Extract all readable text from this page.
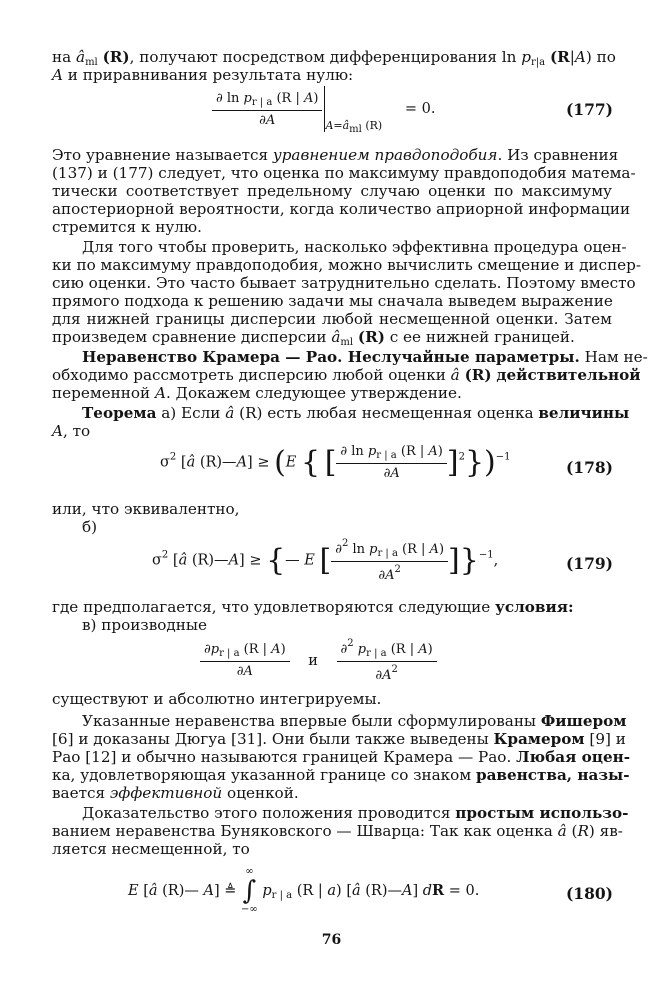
на $â_{ml}$ (R), получают посредством дифференцирования $\ln p_{r|a}$ (R|A) по
A и приравнивания результата нулю:
$\frac{\partial \ln p_{r | a} (R | A)}{\partial A} _{A=âml (R)} = 0$.	(177)
Это уравнение называется уравнением правдоподобия. Из сравнения
(137) и (177) следует, что оценка по максимуму правдоподобия матема-
тически соответствует предельному случаю оценки по максимуму
апостериорной вероятности, когда количество априорной информации
стремится к нулю.
Для того чтобы проверить, насколько эффективна процедура оцен-
ки по максимуму правдоподобия, можно вычислить смещение и диспер-
сию оценки. Это часто бывает затруднительно сделать. Поэтому вместо
прямого подхода к решению задачи мы сначала выведем выражение
для нижней границы дисперсии любой несмещенной оценки. Затем
произведем сравнение дисперсии $â_{ml}$ (R) с ее нижней границей.
Неравенство Крамера — Рао. Неслучайные параметры. Нам не-
обходимо рассмотреть дисперсию любой оценки â (R) действительной
переменной A. Докажем следующее утверждение.
Теорема а) Если â (R) есть любая несмещенная оценка величины
A, то
$\sigma^2$ [â (R)—A] ≥ (E { [ $\frac{\partial \ln p_{r | a} (R | A)}{\partial A} ]^2\})^{-1}$
(178)
или, что эквивалентно,
б)
$\sigma^2$ [â (R)—A] ≥ {— E [ $\frac{\partial^2 \ln p_{r | a} (R | A)}{\partial A^2} ]\}^{-1}$,	(179)
где предполагается, что удовлетворяются следующие условия:
в) производные
$\frac{\partial p_{r | a} (R | A)}{\partial A}$ и $\frac{\partial^2 p_{r | a} (R | A)}{\partial A^2}$
существуют и абсолютно интегрируемы.
Указанные неравенства впервые были сформулированы Фишером
[6] и доказаны Дюгуа [31]. Они были также выведены Крамером [9] и
Рао [12] и обычно называются границей Крамера — Рао. Любая оцен-
ка, удовлетворяющая указанной границе со знаком равенства, назы-
вается эффективной оценкой.
Доказательство этого положения проводится простым использо-
ванием неравенства Буняковского — Шварца: Так как оценка â (R) яв-
ляется несмещенной, то
E [â (R)— A] ≜
∞
∫
−∞
$p_{r | a}$ (R | a) [â (R)—A] dR = 0.	(180)
76
